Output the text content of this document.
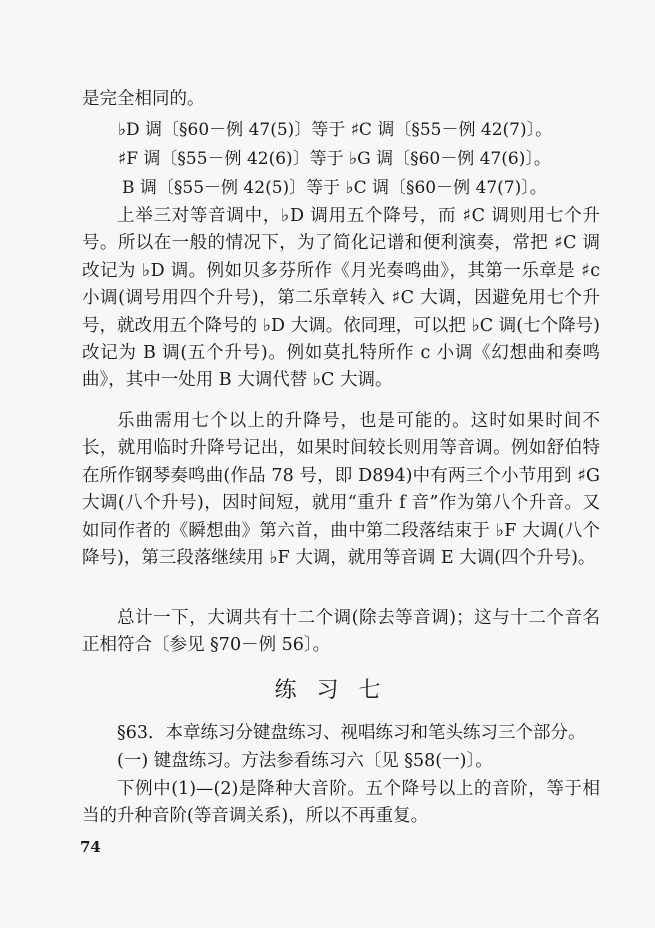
是完全相同的。

♭D 调〔§60－例 47(5)〕等于 ♯C 调〔§55－例 42(7)〕。

♯F 调〔§55－例 42(6)〕等于 ♭G 调〔§60－例 47(6)〕。

B 调〔§55－例 42(5)〕等于 ♭C 调〔§60－例 47(7)〕。

上举三对等音调中，♭D 调用五个降号，而 ♯C 调则用七个升号。所以在一般的情况下，为了简化记谱和便利演奏，常把 ♯C 调改记为 ♭D 调。例如贝多芬所作《月光奏鸣曲》，其第一乐章是 ♯c 小调(调号用四个升号)，第二乐章转入 ♯C 大调，因避免用七个升号，就改用五个降号的 ♭D 大调。依同理，可以把 ♭C 调(七个降号)改记为 B 调(五个升号)。例如莫扎特所作 c 小调《幻想曲和奏鸣曲》，其中一处用 B 大调代替 ♭C 大调。

乐曲需用七个以上的升降号，也是可能的。这时如果时间不长，就用临时升降号记出，如果时间较长则用等音调。例如舒伯特在所作钢琴奏鸣曲(作品 78 号，即 D894)中有两三个小节用到 ♯G 大调(八个升号)，因时间短，就用“重升 f 音”作为第八个升音。又如同作者的《瞬想曲》第六首，曲中第二段落结束于 ♭F 大调(八个降号)，第三段落继续用 ♭F 大调，就用等音调 E 大调(四个升号)。

总计一下，大调共有十二个调(除去等音调)；这与十二个音名正相符合〔参见 §70－例 56〕。

练习七

§63．本章练习分键盘练习、视唱练习和笔头练习三个部分。

(一) 键盘练习。方法参看练习六〔见 §58(一)〕。

下例中(1)—(2)是降种大音阶。五个降号以上的音阶，等于相当的升种音阶(等音调关系)，所以不再重复。

74
